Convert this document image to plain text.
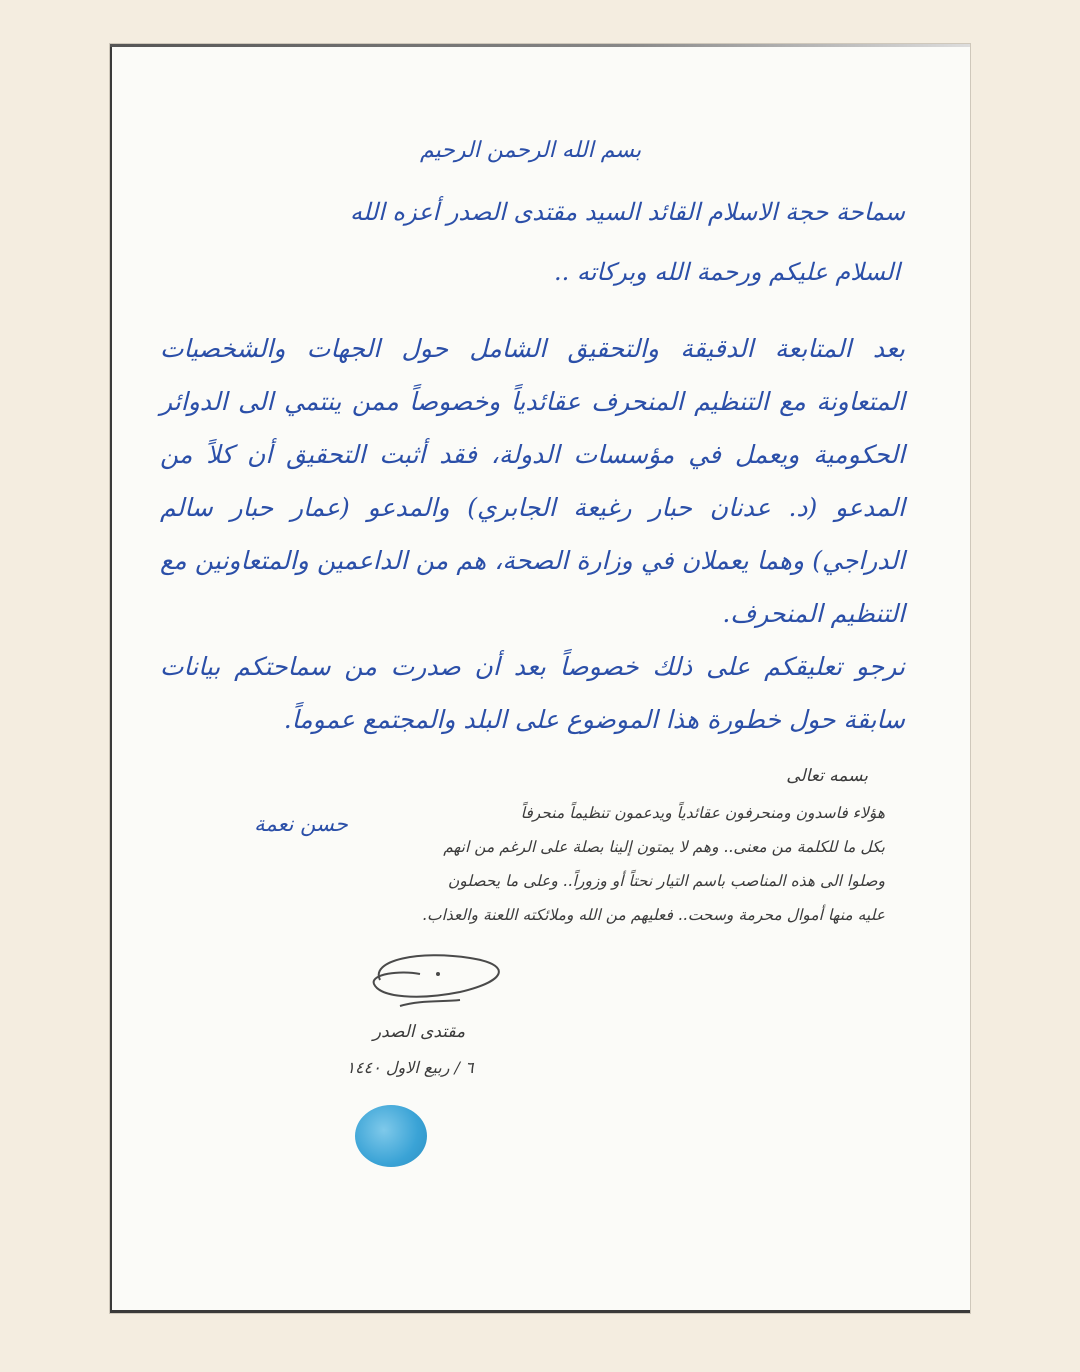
بسم الله الرحمن الرحيم
سماحة حجة الاسلام القائد السيد مقتدى الصدر أعزه الله
السلام عليكم ورحمة الله وبركاته ..

بعد المتابعة الدقيقة والتحقيق الشامل حول الجهات والشخصيات المتعاونة مع التنظيم المنحرف عقائدياً وخصوصاً ممن ينتمي الى الدوائر الحكومية ويعمل في مؤسسات الدولة، فقد أثبت التحقيق أن كلاً من المدعو (د. عدنان حبار رغيعة الجابري) والمدعو (عمار حبار سالم الدراجي) وهما يعملان في وزارة الصحة، هم من الداعمين والمتعاونين مع التنظيم المنحرف.

نرجو تعليقكم على ذلك خصوصاً بعد أن صدرت من سماحتكم بيانات سابقة حول خطورة هذا الموضوع على البلد والمجتمع عموماً.

بسمه تعالى

هؤلاء فاسدون ومنحرفون عقائدياً ويدعمون تنظيماً منحرفاً

بكل ما للكلمة من معنى.. وهم لا يمتون إلينا بصلة على الرغم من انهم

وصلوا الى هذه المناصب باسم التيار نحتاً أو وزوراً.. وعلى ما يحصلون

عليه منها أموال محرمة وسحت.. فعليهم من الله وملائكته اللعنة والعذاب.

حسن نعمة
مقتدى الصدر
٦ / ربيع الاول ١٤٤٠
